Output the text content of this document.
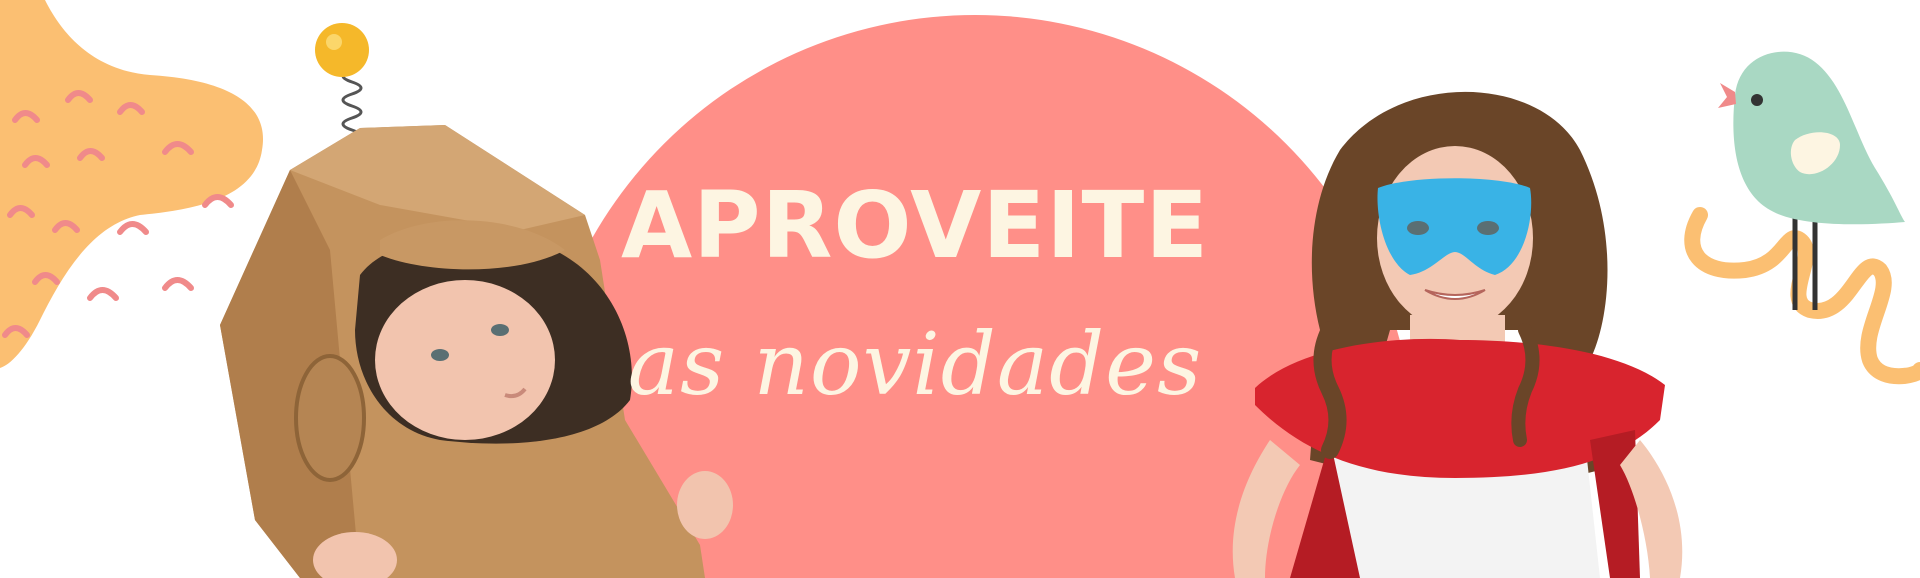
APROVEITE
as novidades
